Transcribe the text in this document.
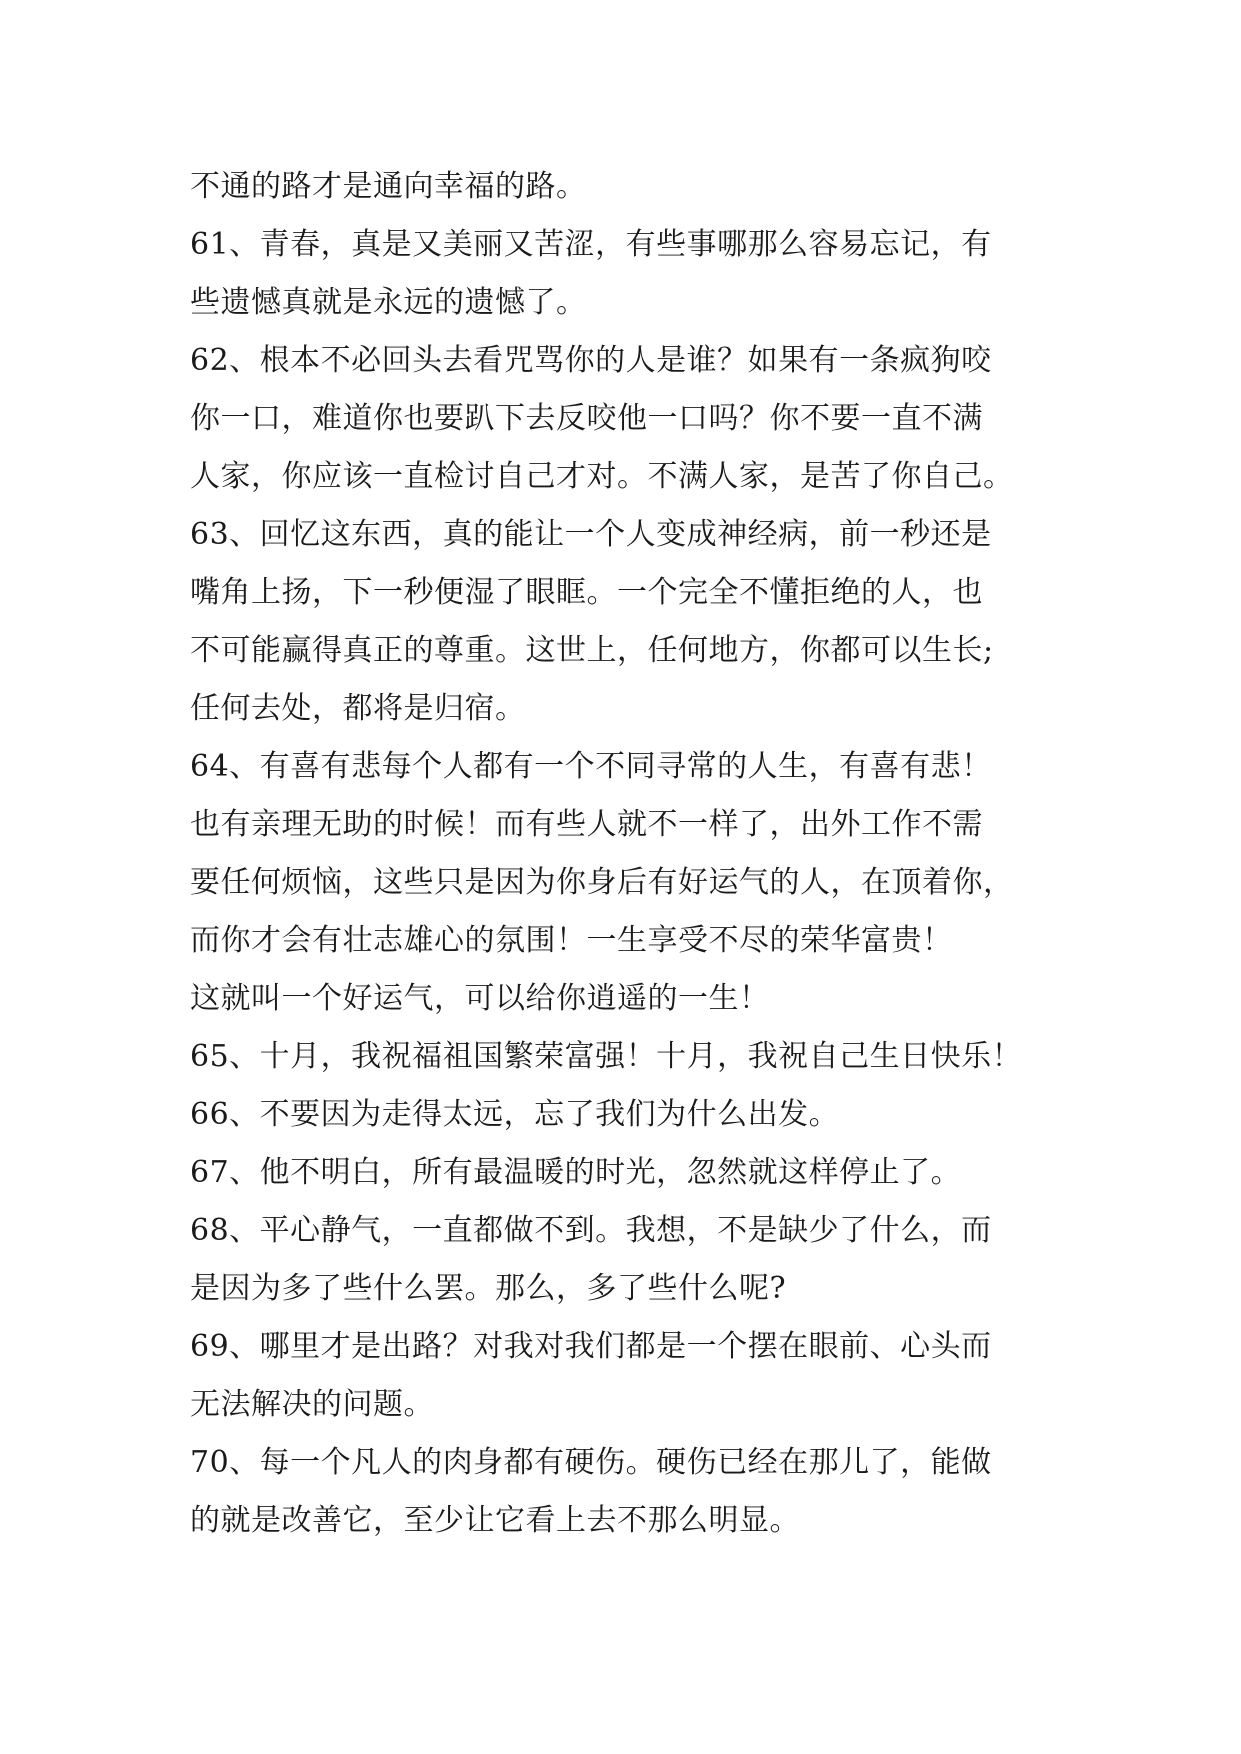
不通的路才是通向幸福的路。
61、青春，真是又美丽又苦涩，有些事哪那么容易忘记，有
些遗憾真就是永远的遗憾了。
62、根本不必回头去看咒骂你的人是谁？如果有一条疯狗咬
你一口，难道你也要趴下去反咬他一口吗？你不要一直不满
人家，你应该一直检讨自己才对。不满人家，是苦了你自己。
63、回忆这东西，真的能让一个人变成神经病，前一秒还是
嘴角上扬，下一秒便湿了眼眶。一个完全不懂拒绝的人，也
不可能赢得真正的尊重。这世上，任何地方，你都可以生长;
任何去处，都将是归宿。
64、有喜有悲每个人都有一个不同寻常的人生，有喜有悲！
也有亲理无助的时候！而有些人就不一样了，出外工作不需
要任何烦恼，这些只是因为你身后有好运气的人，在顶着你，
而你才会有壮志雄心的氛围！一生享受不尽的荣华富贵！
这就叫一个好运气，可以给你逍遥的一生！
65、十月，我祝福祖国繁荣富强！十月，我祝自己生日快乐！
66、不要因为走得太远，忘了我们为什么出发。
67、他不明白，所有最温暖的时光，忽然就这样停止了。
68、平心静气，一直都做不到。我想，不是缺少了什么，而
是因为多了些什么罢。那么，多了些什么呢?
69、哪里才是出路？对我对我们都是一个摆在眼前、心头而
无法解决的问题。
70、每一个凡人的肉身都有硬伤。硬伤已经在那儿了，能做
的就是改善它，至少让它看上去不那么明显。
